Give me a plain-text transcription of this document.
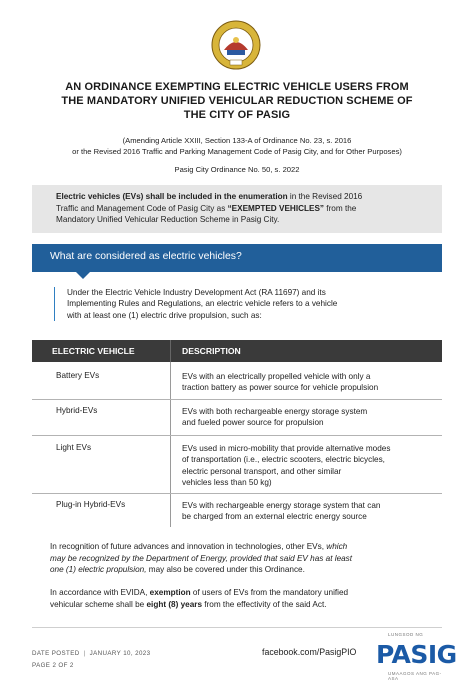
AN ORDINANCE EXEMPTING ELECTRIC VEHICLE USERS FROM
THE MANDATORY UNIFIED VEHICULAR REDUCTION SCHEME OF
THE CITY OF PASIG
(Amending Article XXIII, Section 133-A of Ordinance No. 23, s. 2016
or the Revised 2016 Traffic and Parking Management Code of Pasig City, and for Other Purposes)
Pasig City Ordinance No. 50, s. 2022
Electric vehicles (EVs) shall be included in the enumeration in the Revised 2016
Traffic and Management Code of Pasig City as “EXEMPTED VEHICLES” from the
Mandatory Unified Vehicular Reduction Scheme in Pasig City.
What are considered as electric vehicles?
Under the Electric Vehicle Industry Development Act (RA 11697) and its
Implementing Rules and Regulations, an electric vehicle refers to a vehicle
with at least one (1) electric drive propulsion, such as:
ELECTRIC VEHICLE	DESCRIPTION
Battery EVs	EVs with an electrically propelled vehicle with only a
traction battery as power source for vehicle propulsion
Hybrid-EVs	EVs with both rechargeable energy storage system
and fueled power source for propulsion
Light EVs	EVs used in micro-mobility that provide alternative modes
of transportation (i.e., electric scooters, electric bicycles,
electric personal transport, and other similar
vehicles less than 50 kg)
Plug-in Hybrid-EVs	EVs with rechargeable energy storage system that can
be charged from an external electric energy source
In recognition of future advances and innovation in technologies, other EVs, which
may be recognized by the Department of Energy, provided that said EV has at least
one (1) electric propulsion, may also be covered under this Ordinance.
In accordance with EVIDA, exemption of users of EVs from the mandatory unified
vehicular scheme shall be eight (8) years from the effectivity of the said Act.
DATE POSTED | JANUARY 10, 2023
PAGE 2 OF 2
facebook.com/PasigPIO
LUNGSOD NG
PASIG
UMAAGOS ANG PAG-ASA
